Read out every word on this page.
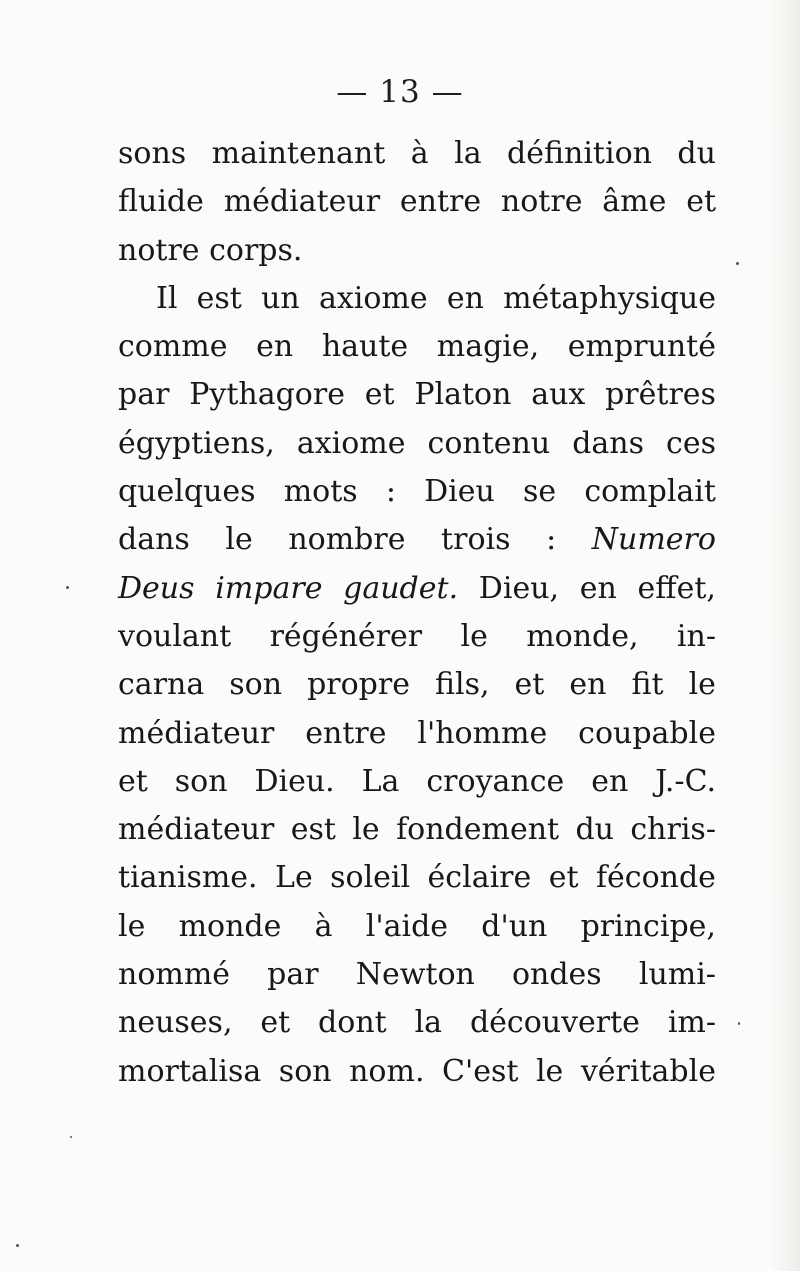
— 13 —
sons maintenant à la définition du
fluide médiateur entre notre âme et
notre
corps.
Il est un axiome en métaphysique
comme en haute magie, emprunté
par Pythagore et Platon aux prêtres
égyptiens, axiome contenu dans ces
quelques mots : Dieu se complait
dans le nombre trois : Numero
Deus impare gaudet. Dieu, en effet,
voulant régénérer le monde, in-
carna son propre fils, et en fit le
médiateur entre l'homme coupable
et son Dieu. La croyance en J.-C.
médiateur est le fondement du chris-
tianisme. Le soleil éclaire et féconde
le monde à l'aide d'un principe,
nommé par Newton ondes lumi-
neuses, et dont la découverte im-
mortalisa son nom. C'est le véritable
